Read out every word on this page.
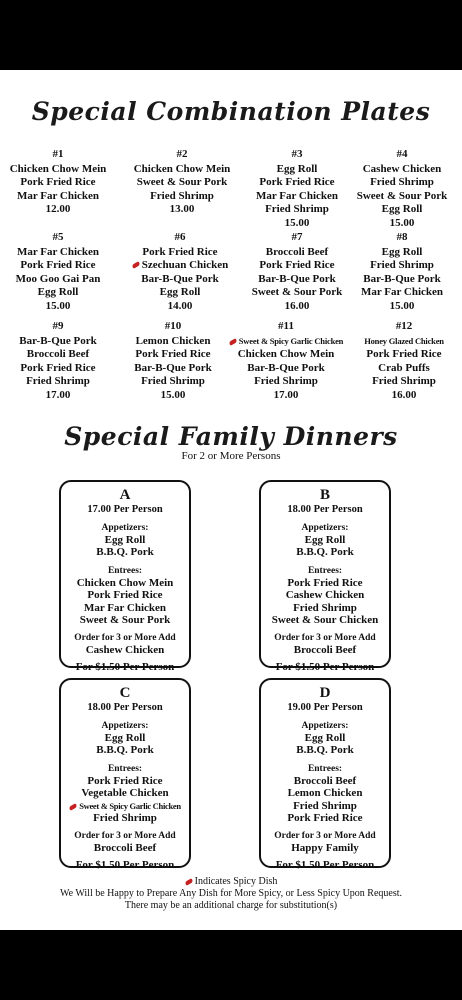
Special Combination Plates
#1
Chicken Chow Mein
Pork Fried Rice
Mar Far Chicken
12.00
#2
Chicken Chow Mein
Sweet & Sour Pork
Fried Shrimp
13.00
#3
Egg Roll
Pork Fried Rice
Mar Far Chicken
Fried Shrimp
15.00
#4
Cashew Chicken
Fried Shrimp
Sweet & Sour Pork
Egg Roll
15.00
#5
Mar Far Chicken
Pork Fried Rice
Moo Goo Gai Pan
Egg Roll
15.00
#6
Pork Fried Rice
Szechuan Chicken
Bar-B-Que Pork
Egg Roll
14.00
#7
Broccoli Beef
Pork Fried Rice
Bar-B-Que Pork
Sweet & Sour Pork
16.00
#8
Egg Roll
Fried Shrimp
Bar-B-Que Pork
Mar Far Chicken
15.00
#9
Bar-B-Que Pork
Broccoli Beef
Pork Fried Rice
Fried Shrimp
17.00
#10
Lemon Chicken
Pork Fried Rice
Bar-B-Que Pork
Fried Shrimp
15.00
#11
Sweet & Spicy Garlic Chicken
Chicken Chow Mein
Bar-B-Que Pork
Fried Shrimp
17.00
#12
Honey Glazed Chicken
Pork Fried Rice
Crab Puffs
Fried Shrimp
16.00
Special Family Dinners
For 2 or More Persons
A
17.00 Per Person
Appetizers:
Egg Roll
B.B.Q. Pork
Entrees:
Chicken Chow Mein
Pork Fried Rice
Mar Far Chicken
Sweet & Sour Pork
Order for 3 or More Add
Cashew Chicken
For $1.50 Per Person
B
18.00 Per Person
Appetizers:
Egg Roll
B.B.Q. Pork
Entrees:
Pork Fried Rice
Cashew Chicken
Fried Shrimp
Sweet & Sour Chicken
Order for 3 or More Add
Broccoli Beef
For $1.50 Per Person
C
18.00 Per Person
Appetizers:
Egg Roll
B.B.Q. Pork
Entrees:
Pork Fried Rice
Vegetable Chicken
Sweet & Spicy Garlic Chicken
Fried Shrimp
Order for 3 or More Add
Broccoli Beef
For $1.50 Per Person
D
19.00 Per Person
Appetizers:
Egg Roll
B.B.Q. Pork
Entrees:
Broccoli Beef
Lemon Chicken
Fried Shrimp
Pork Fried Rice
Order for 3 or More Add
Happy Family
For $1.50 Per Person
Indicates Spicy Dish
We Will be Happy to Prepare Any Dish for More Spicy, or Less Spicy Upon Request.
There may be an additional charge for substitution(s)
